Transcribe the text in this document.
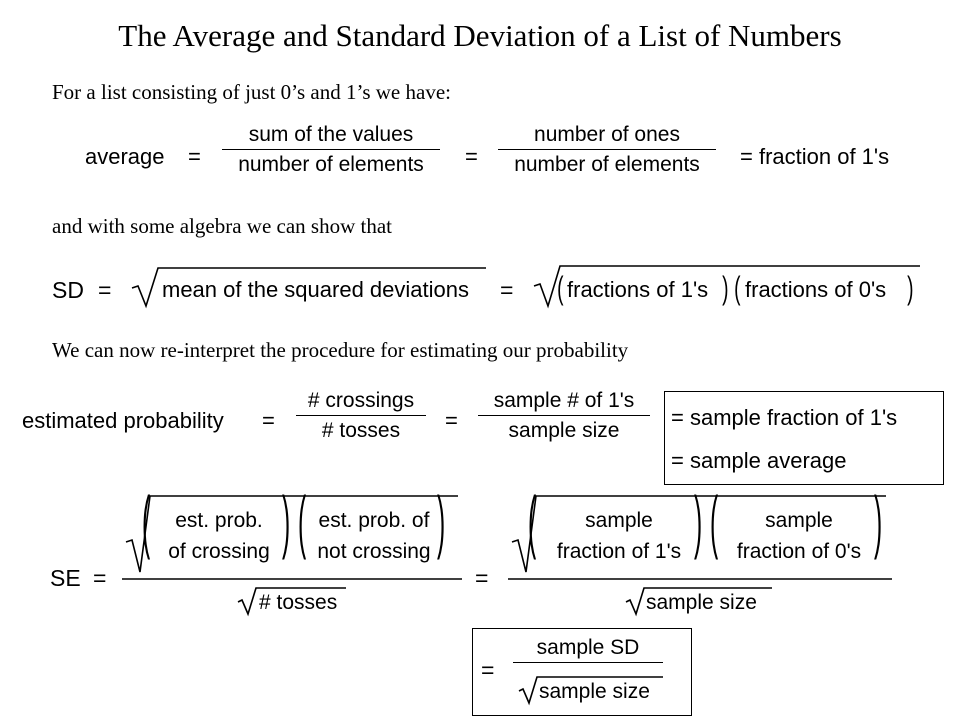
The Average and Standard Deviation of a List of Numbers
For a list consisting of just 0’s and 1’s we have:
average =
sum of the values
number of elements	=
number of ones
number of elements	= fraction of 1's
and with some algebra we can show that
SD = mean of the squared deviations = ( fractions of 1's ) ( fractions of 0's )
We can now re-interpret the procedure for estimating our probability
estimated probability =
# crossings
# tosses	=
sample # of 1's
sample size
= sample fraction of 1's
= sample average
SE =
(	est. prob.
of crossing ) ( est. prob. of
not crossing )
# tosses
=
(	sample
fraction of 1's ) (	sample
fraction of 0's )
sample size
=
sample SD
sample size
